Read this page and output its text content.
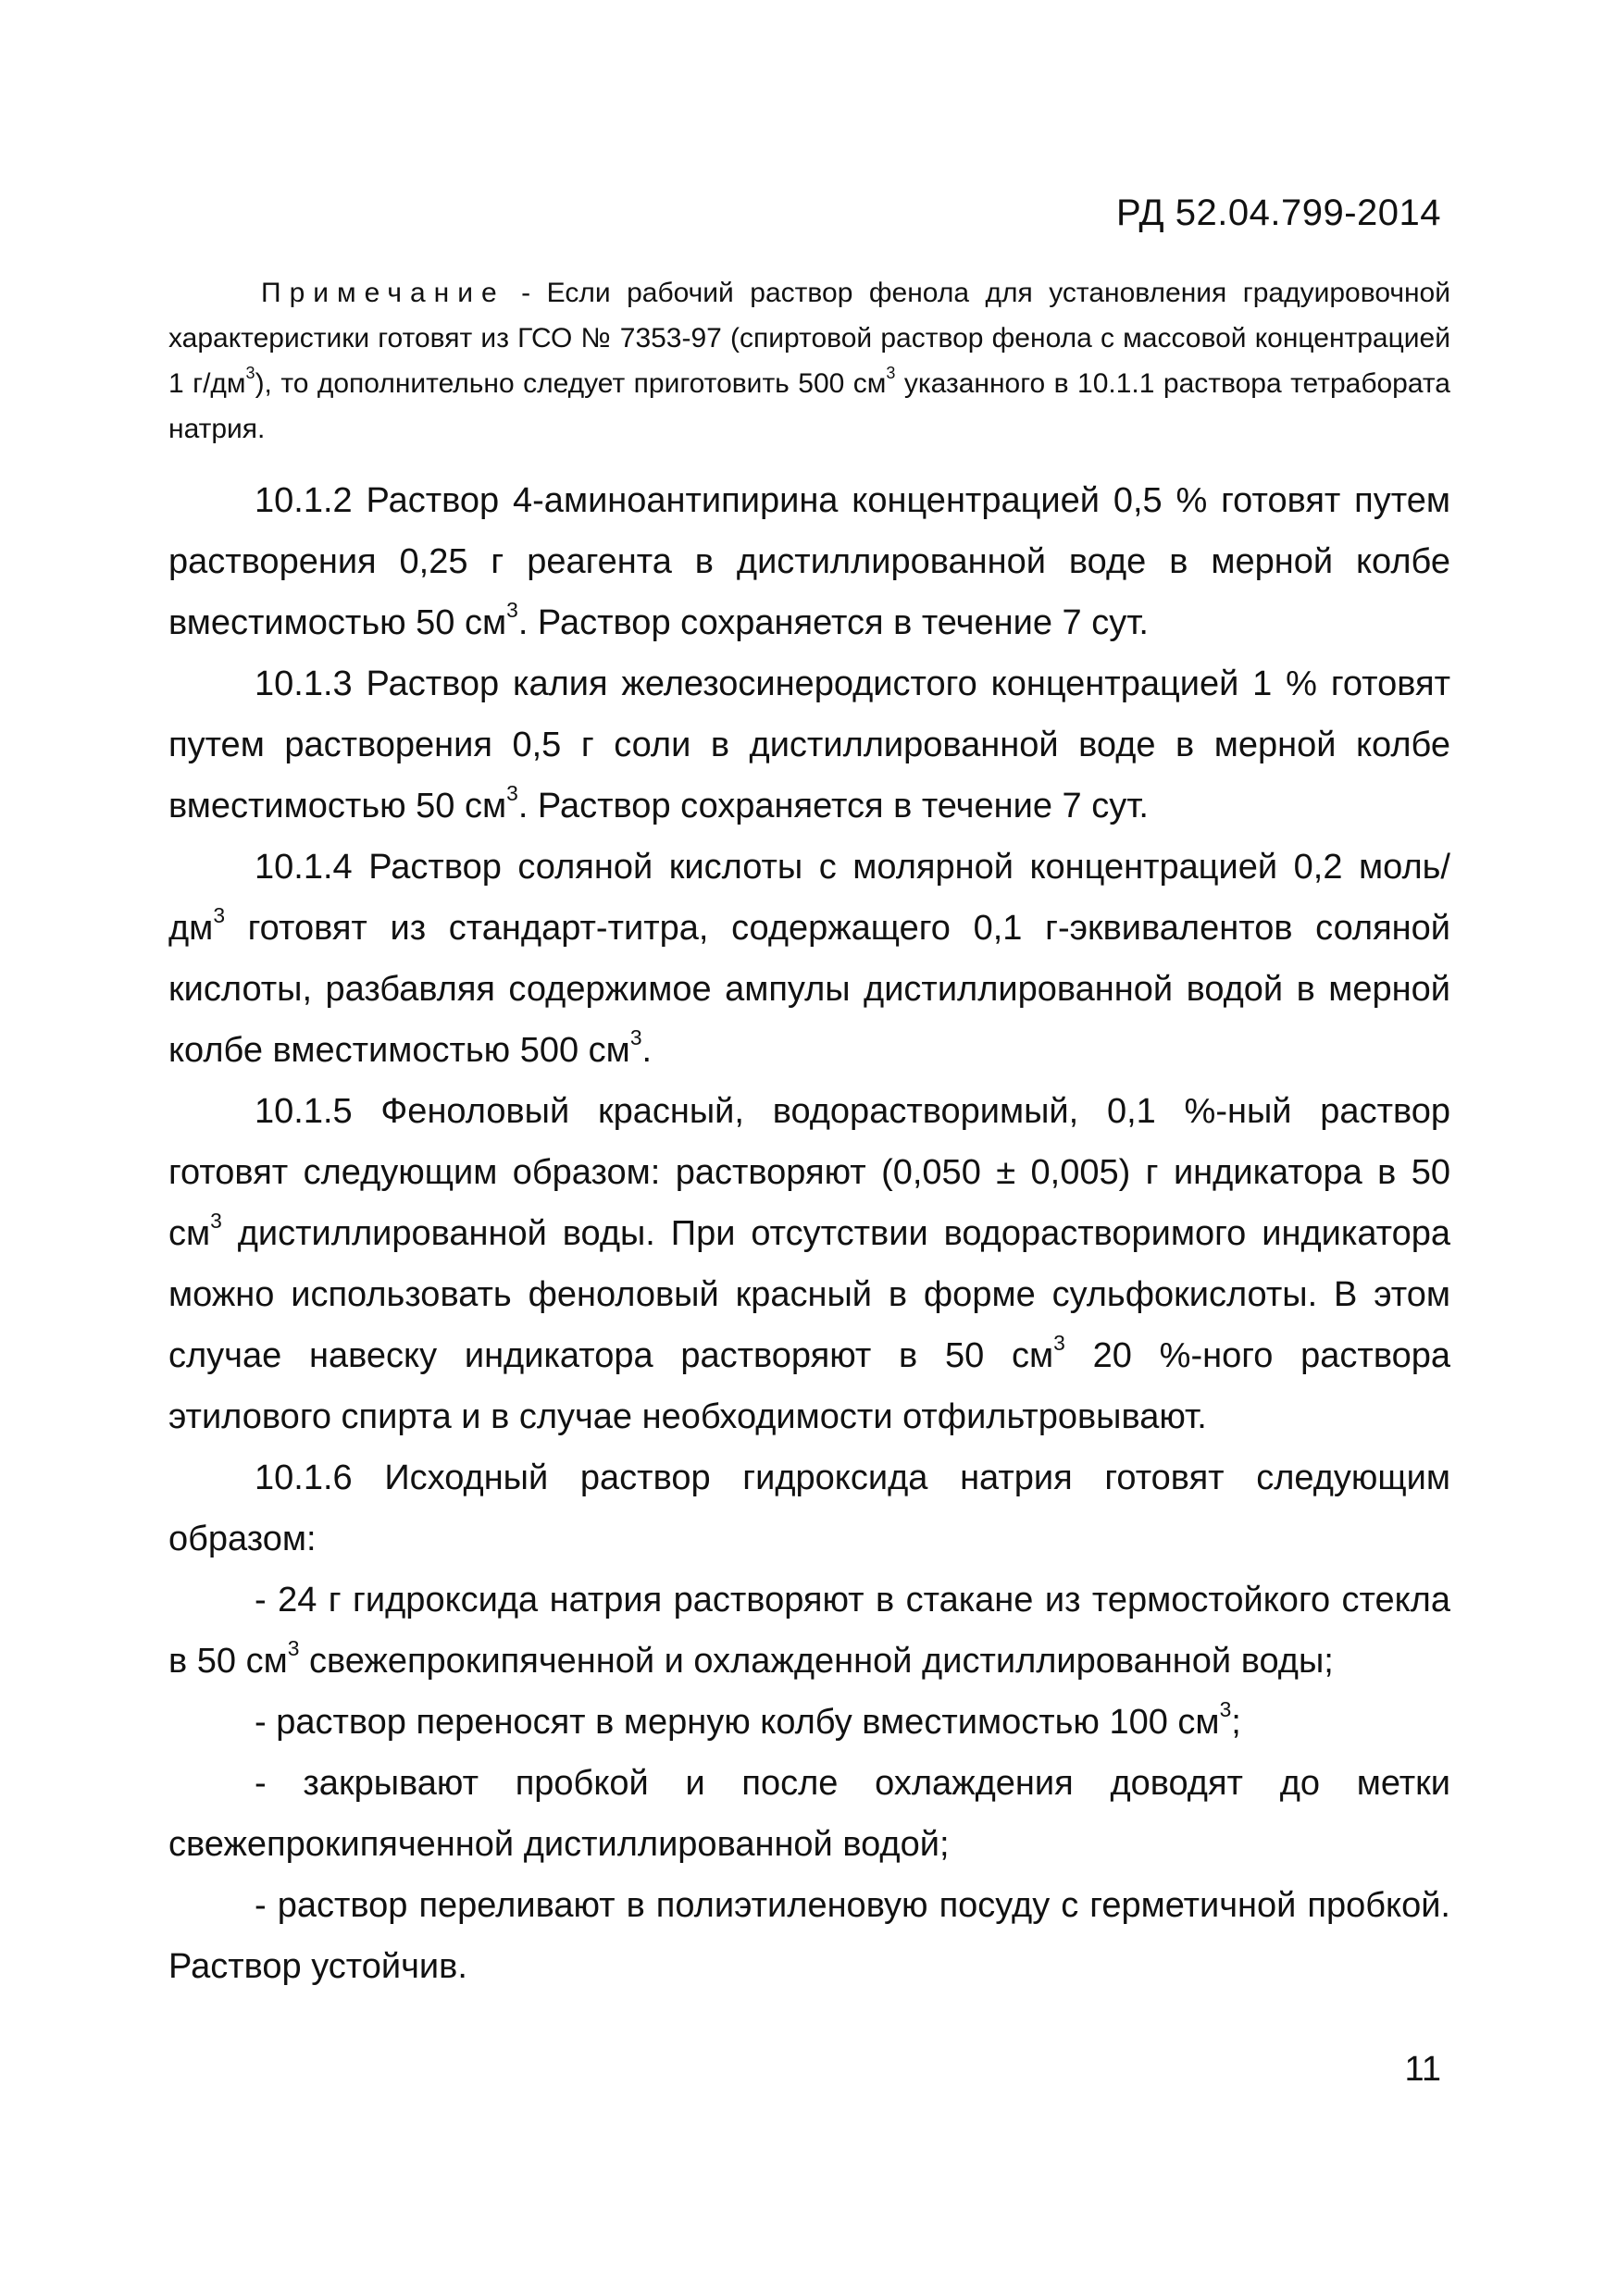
РД 52.04.799-2014

Примечание - Если рабочий раствор фенола для установления градуировочной характеристики готовят из ГСО № 7353-97 (спиртовой раствор фенола с массовой концентрацией 1 $г/дм^3$), то дополнительно следует приготовить 500 $см^3$ указанного в 10.1.1 раствора тетрабората натрия.

10.1.2 Раствор 4-аминоантипирина концентрацией 0,5 % готовят путем растворения 0,25 г реагента в дистиллированной воде в мерной колбе вместимостью 50 $см^3$. Раствор сохраняется в течение 7 сут.

10.1.3 Раствор калия железосинеродистого концентрацией 1 % готовят путем растворения 0,5 г соли в дистиллированной воде в мерной колбе вместимостью 50 $см^3$. Раствор сохраняется в течение 7 сут.

10.1.4 Раствор соляной кислоты с молярной концентрацией 0,2 моль/$дм^3$ готовят из стандарт-титра, содержащего 0,1 г-эквивалентов соляной кислоты, разбавляя содержимое ампулы дистиллированной водой в мерной колбе вместимостью 500 $см^3$.

10.1.5 Феноловый красный, водорастворимый, 0,1 %-ный раствор готовят следующим образом: растворяют (0,050 ± 0,005) г индикатора в 50 $см^3$ дистиллированной воды. При отсутствии водорастворимого индикатора можно использовать феноловый красный в форме сульфокислоты. В этом случае навеску индикатора растворяют в 50 $см^3$ 20 %-ного раствора этилового спирта и в случае необходимости отфильтровывают.

10.1.6 Исходный раствор гидроксида натрия готовят следующим образом:

- 24 г гидроксида натрия растворяют в стакане из термостойкого стекла в 50 $см^3$ свежепрокипяченной и охлажденной дистиллированной воды;

- раствор переносят в мерную колбу вместимостью 100 $см^3$;

- закрывают пробкой и после охлаждения доводят до метки свежепрокипяченной дистиллированной водой;

- раствор переливают в полиэтиленовую посуду с герметичной пробкой. Раствор устойчив.

11
